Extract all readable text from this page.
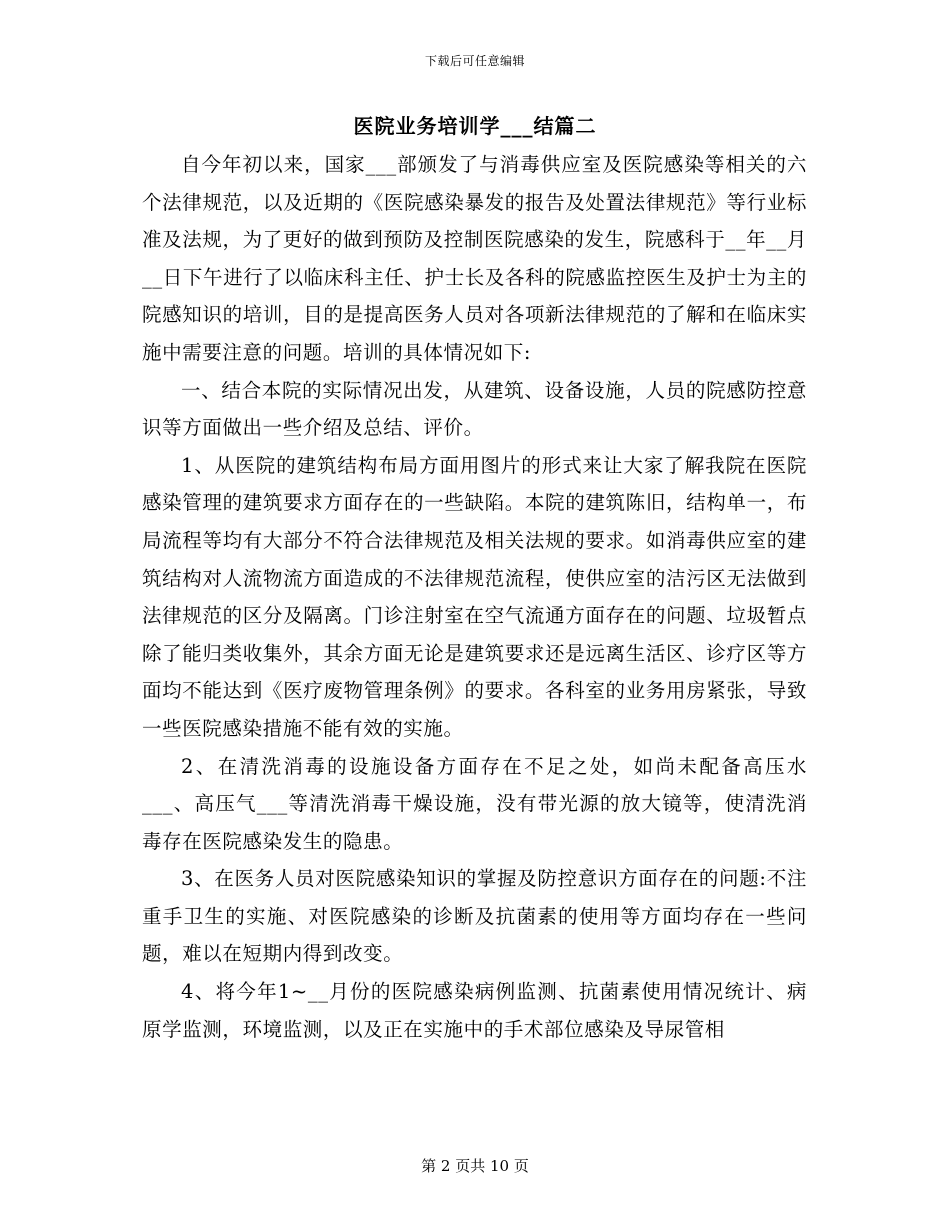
下载后可任意编辑
医院业务培训学___结篇二

自今年初以来，国家___部颁发了与消毒供应室及医院感染等相关的六个法律规范，以及近期的《医院感染暴发的报告及处置法律规范》等行业标准及法规，为了更好的做到预防及控制医院感染的发生，院感科于__年__月__日下午进行了以临床科主任、护士长及各科的院感监控医生及护士为主的院感知识的培训，目的是提高医务人员对各项新法律规范的了解和在临床实施中需要注意的问题。培训的具体情况如下:

一、结合本院的实际情况出发，从建筑、设备设施，人员的院感防控意识等方面做出一些介绍及总结、评价。

1、从医院的建筑结构布局方面用图片的形式来让大家了解我院在医院感染管理的建筑要求方面存在的一些缺陷。本院的建筑陈旧，结构单一，布局流程等均有大部分不符合法律规范及相关法规的要求。如消毒供应室的建筑结构对人流物流方面造成的不法律规范流程，使供应室的洁污区无法做到法律规范的区分及隔离。门诊注射室在空气流通方面存在的问题、垃圾暂点除了能归类收集外，其余方面无论是建筑要求还是远离生活区、诊疗区等方面均不能达到《医疗废物管理条例》的要求。各科室的业务用房紧张，导致一些医院感染措施不能有效的实施。

2、在清洗消毒的设施设备方面存在不足之处，如尚未配备高压水___、高压气___等清洗消毒干燥设施，没有带光源的放大镜等，使清洗消毒存在医院感染发生的隐患。

3、在医务人员对医院感染知识的掌握及防控意识方面存在的问题:不注重手卫生的实施、对医院感染的诊断及抗菌素的使用等方面均存在一些问题，难以在短期内得到改变。

4、将今年1~__月份的医院感染病例监测、抗菌素使用情况统计、病原学监测，环境监测，以及正在实施中的手术部位感染及导尿管相

第 2 页共 10 页
